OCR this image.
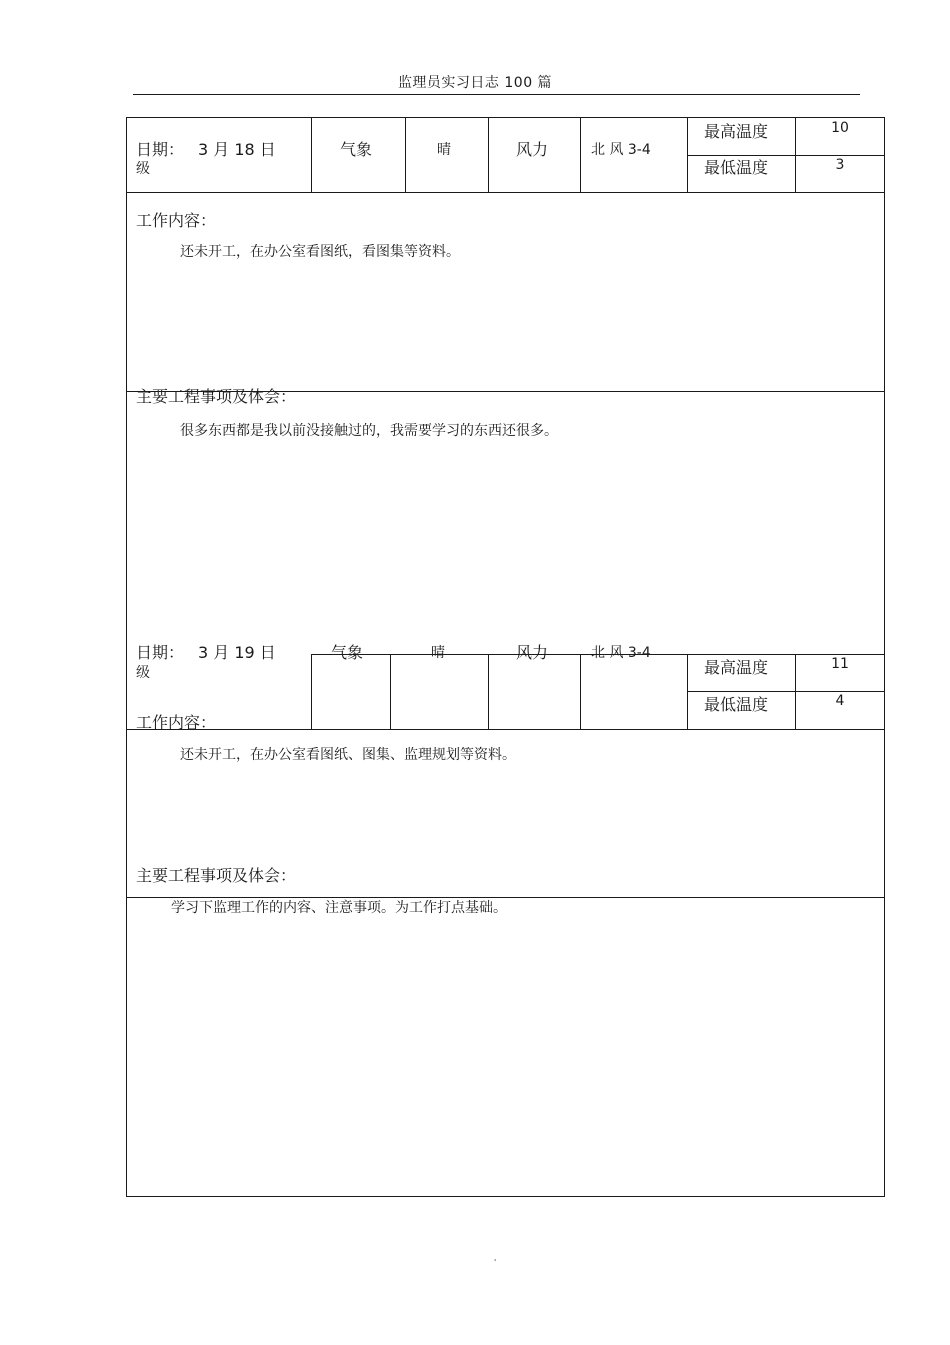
监理员实习日志 100 篇
日期： 3 月 18 日
级
气象	晴	风力	北 风 3-4
最高温度	10
最低温度	3
工作内容：
还未开工，在办公室看图纸，看图集等资料。
主要工程事项及体会：
很多东西都是我以前没接触过的，我需要学习的东西还很多。
日期： 3 月 19 日
级
气象	晴	风力	北 风 3-4
最高温度	11
最低温度	4
工作内容：
还未开工，在办公室看图纸、图集、监理规划等资料。
主要工程事项及体会：
学习下监理工作的内容、注意事项。为工作打点基础。
'
